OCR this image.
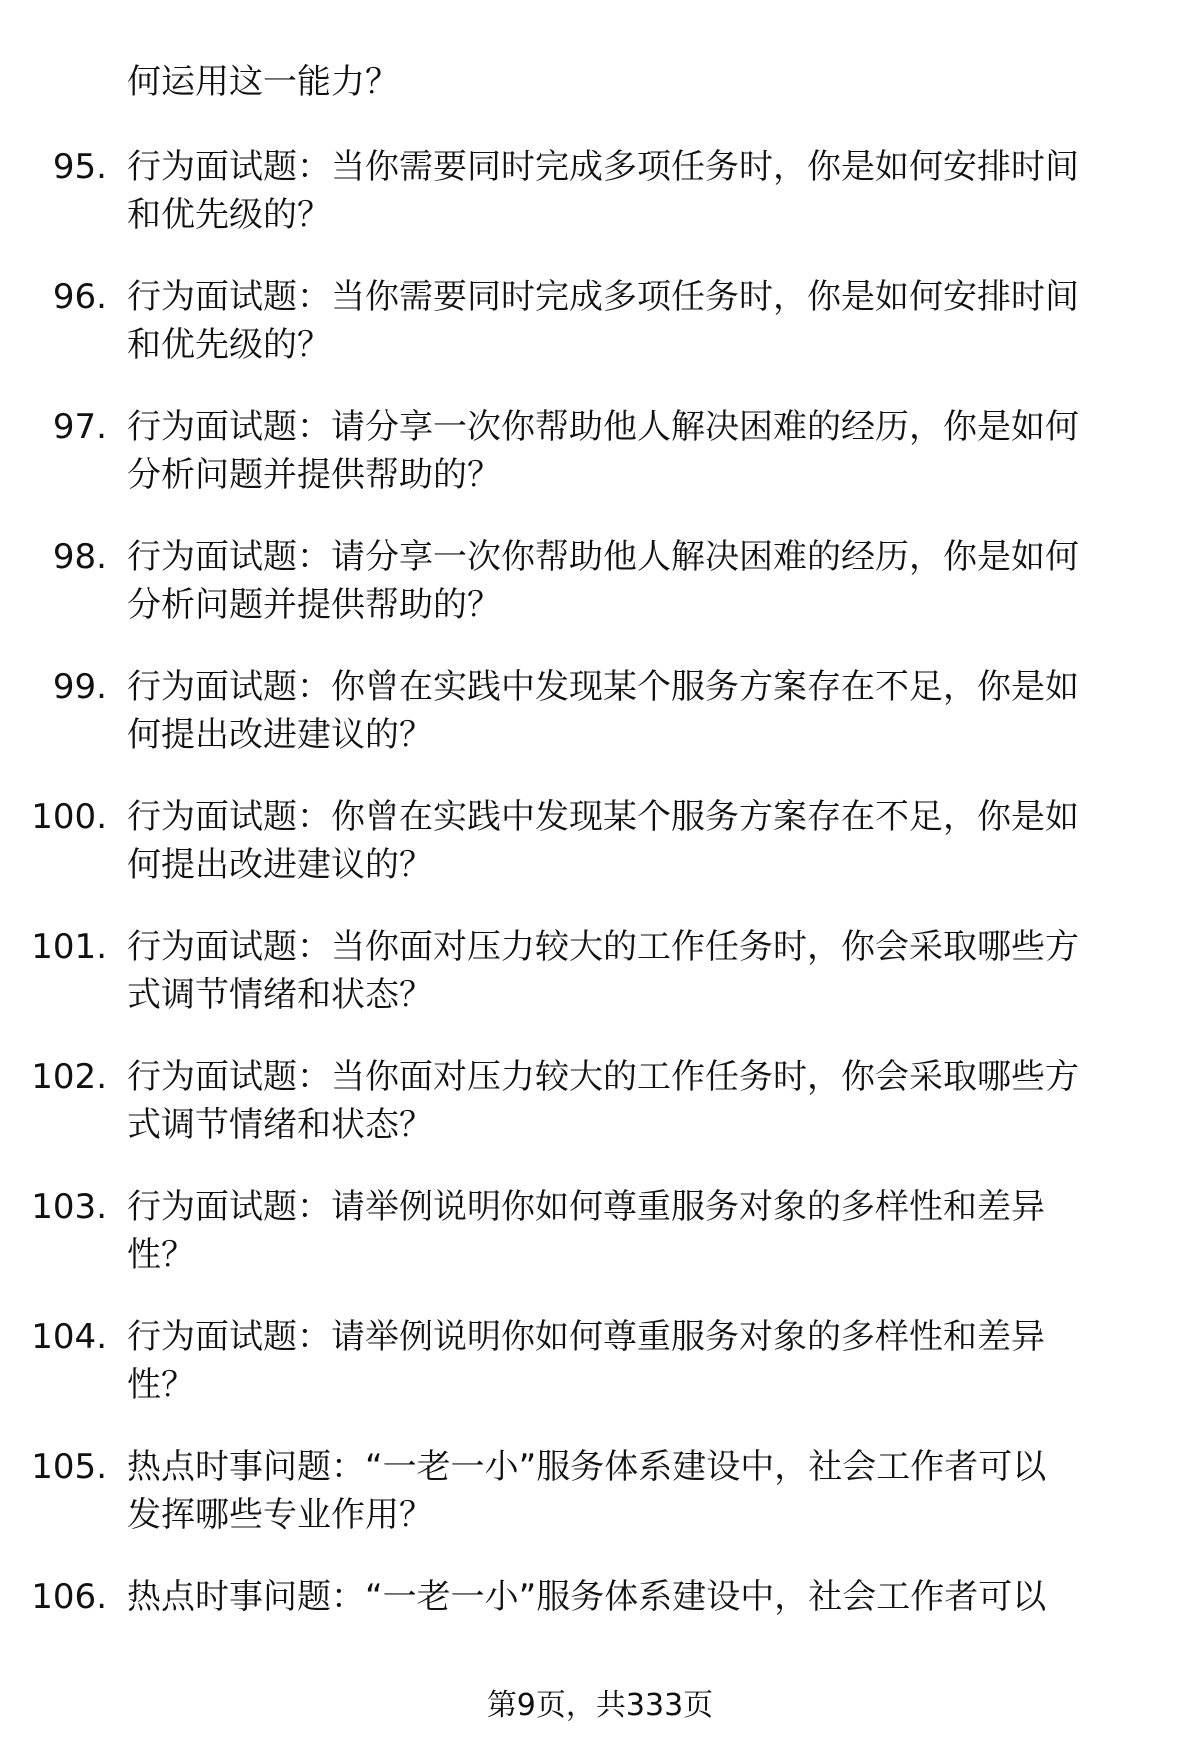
何运用这一能力？
95. 行为面试题：当你需要同时完成多项任务时，你是如何安排时间
和优先级的？
96. 行为面试题：当你需要同时完成多项任务时，你是如何安排时间
和优先级的？
97. 行为面试题：请分享一次你帮助他人解决困难的经历，你是如何
分析问题并提供帮助的？
98. 行为面试题：请分享一次你帮助他人解决困难的经历，你是如何
分析问题并提供帮助的？
99. 行为面试题：你曾在实践中发现某个服务方案存在不足，你是如
何提出改进建议的？
100. 行为面试题：你曾在实践中发现某个服务方案存在不足，你是如
何提出改进建议的？
101. 行为面试题：当你面对压力较大的工作任务时，你会采取哪些方
式调节情绪和状态？
102. 行为面试题：当你面对压力较大的工作任务时，你会采取哪些方
式调节情绪和状态？
103. 行为面试题：请举例说明你如何尊重服务对象的多样性和差异
性？
104. 行为面试题：请举例说明你如何尊重服务对象的多样性和差异
性？
105. 热点时事问题：“一老一小”服务体系建设中，社会工作者可以
发挥哪些专业作用？
106. 热点时事问题：“一老一小”服务体系建设中，社会工作者可以
第9页，共333页
